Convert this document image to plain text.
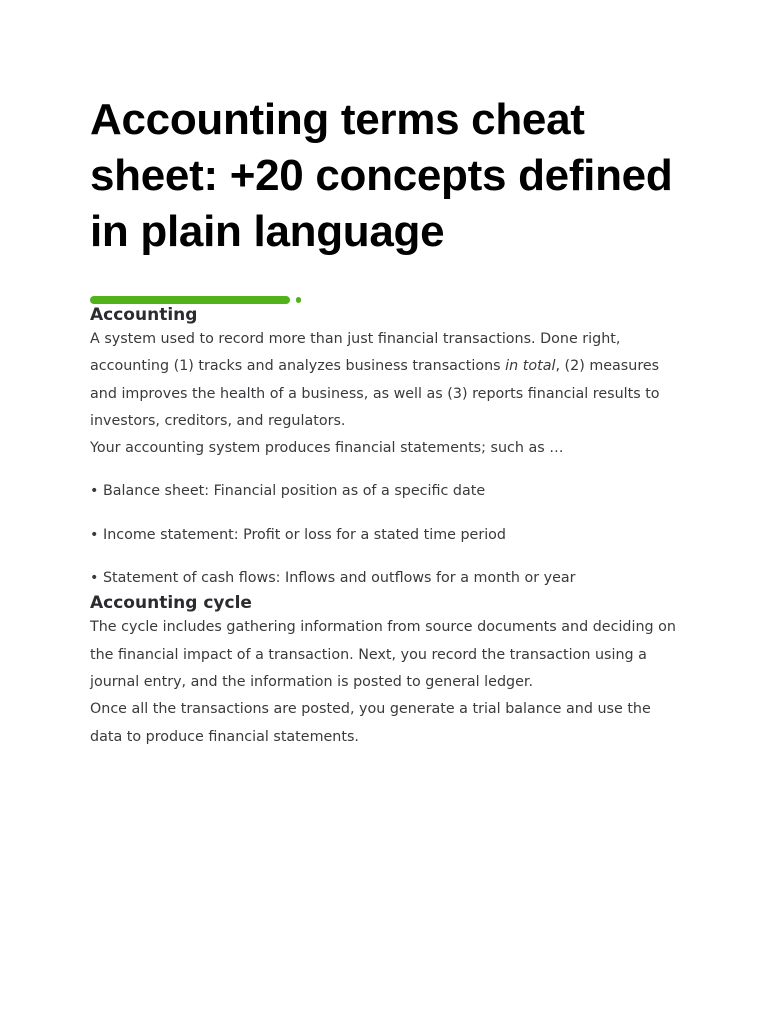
Accounting terms cheat sheet: +20 concepts defined in plain language
Accounting

A system used to record more than just financial transactions. Done right, accounting (1) tracks and analyzes business transactions in total, (2) measures and improves the health of a business, as well as (3) reports financial results to investors, creditors, and regulators.

Your accounting system produces financial statements; such as …

• Balance sheet: Financial position as of a specific date
• Income statement: Profit or loss for a stated time period
• Statement of cash flows: Inflows and outflows for a month or year
Accounting cycle

The cycle includes gathering information from source documents and deciding on the financial impact of a transaction. Next, you record the transaction using a journal entry, and the information is posted to general ledger.

Once all the transactions are posted, you generate a trial balance and use the data to produce financial statements.
